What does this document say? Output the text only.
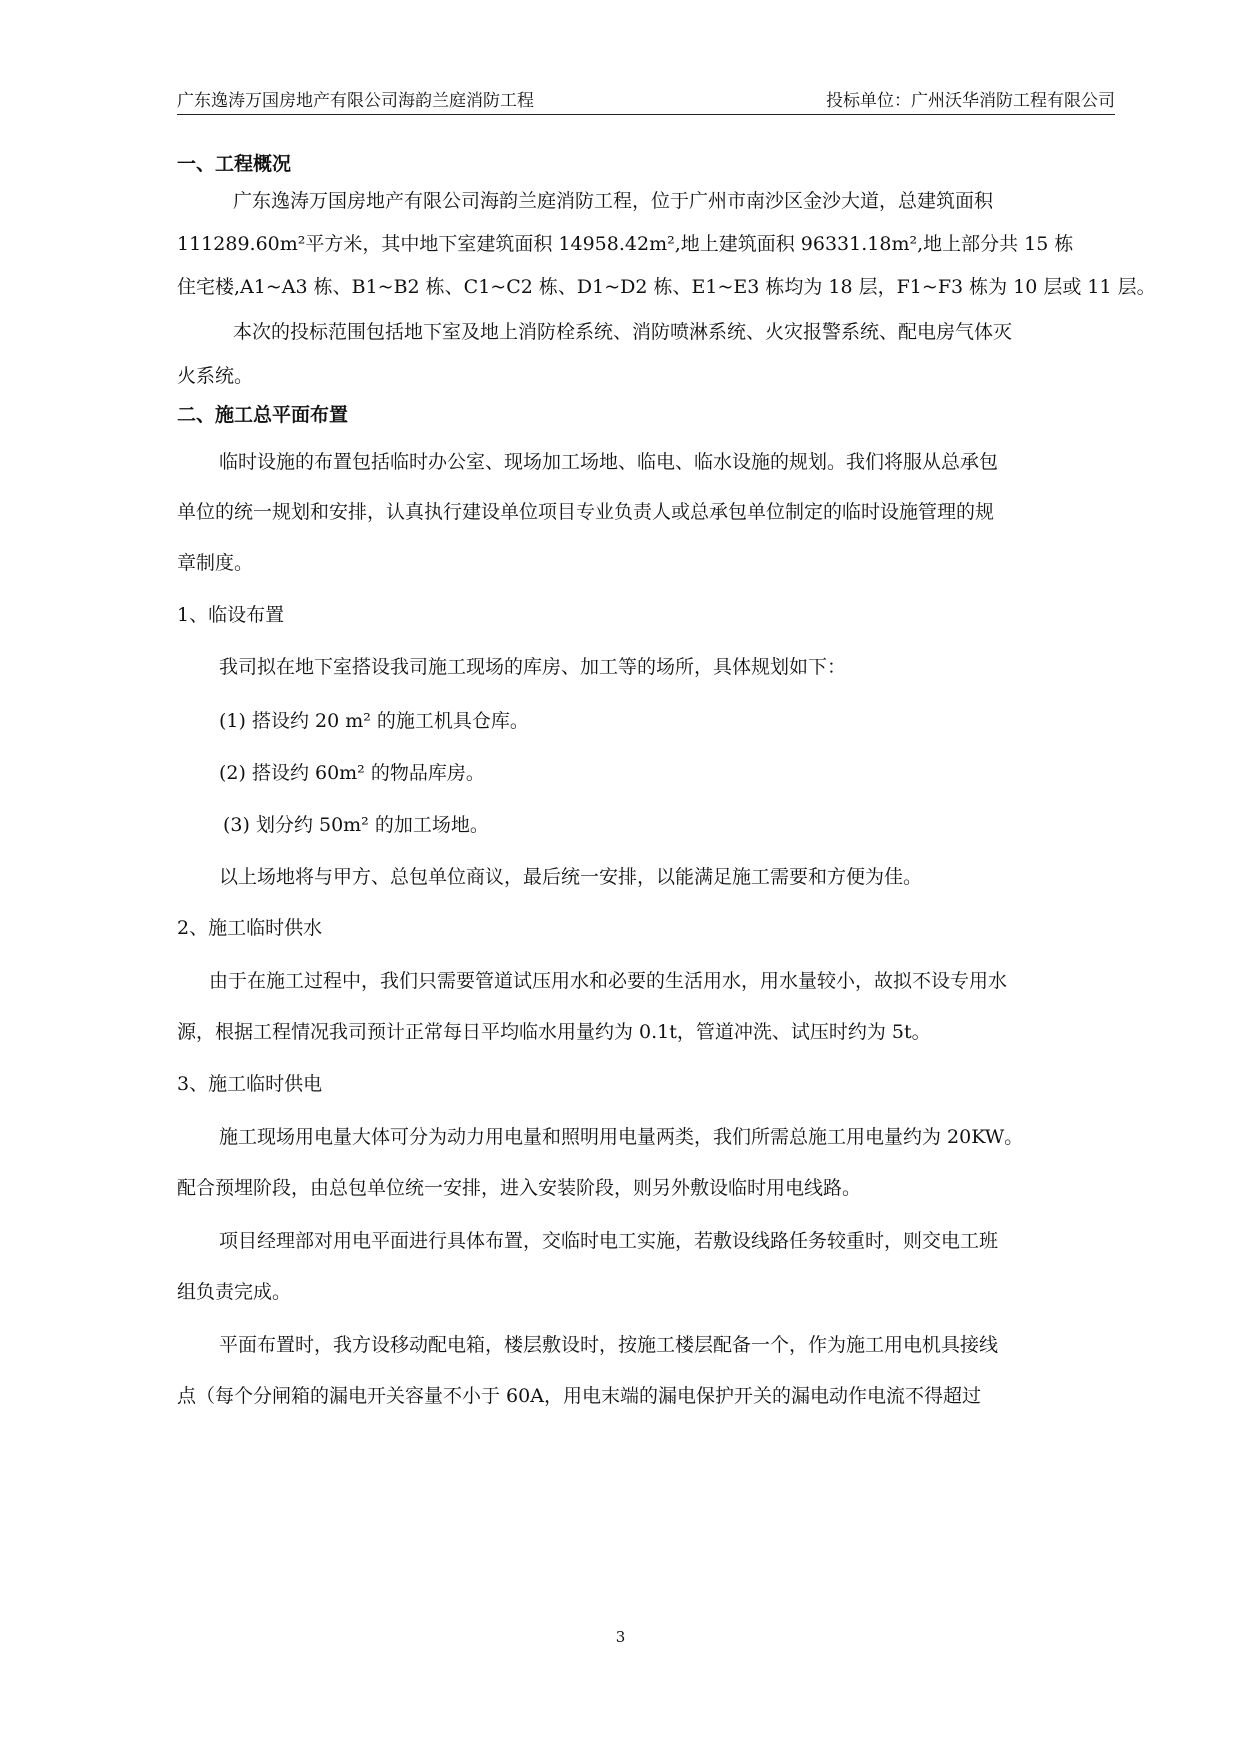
广东逸涛万国房地产有限公司海韵兰庭消防工程	投标单位：广州沃华消防工程有限公司
一、工程概况
广东逸涛万国房地产有限公司海韵兰庭消防工程，位于广州市南沙区金沙大道，总建筑面积
111289.60m²平方米，其中地下室建筑面积 14958.42m²,地上建筑面积 96331.18m²,地上部分共 15 栋
住宅楼,A1~A3 栋、B1~B2 栋、C1~C2 栋、D1~D2 栋、E1~E3 栋均为 18 层，F1~F3 栋为 10 层或 11 层。
本次的投标范围包括地下室及地上消防栓系统、消防喷淋系统、火灾报警系统、配电房气体灭
火系统。
二、施工总平面布置
临时设施的布置包括临时办公室、现场加工场地、临电、临水设施的规划。我们将服从总承包
单位的统一规划和安排，认真执行建设单位项目专业负责人或总承包单位制定的临时设施管理的规
章制度。
1、临设布置
我司拟在地下室搭设我司施工现场的库房、加工等的场所，具体规划如下：
(1) 搭设约 20 m² 的施工机具仓库。
(2) 搭设约 60m² 的物品库房。
(3) 划分约 50m² 的加工场地。
以上场地将与甲方、总包单位商议，最后统一安排，以能满足施工需要和方便为佳。
2、施工临时供水
由于在施工过程中，我们只需要管道试压用水和必要的生活用水，用水量较小，故拟不设专用水
源，根据工程情况我司预计正常每日平均临水用量约为 0.1t，管道冲洗、试压时约为 5t。
3、施工临时供电
施工现场用电量大体可分为动力用电量和照明用电量两类，我们所需总施工用电量约为 20KW。
配合预埋阶段，由总包单位统一安排，进入安装阶段，则另外敷设临时用电线路。
项目经理部对用电平面进行具体布置，交临时电工实施，若敷设线路任务较重时，则交电工班
组负责完成。
平面布置时，我方设移动配电箱，楼层敷设时，按施工楼层配备一个，作为施工用电机具接线
点（每个分闸箱的漏电开关容量不小于 60A，用电末端的漏电保护开关的漏电动作电流不得超过
3
